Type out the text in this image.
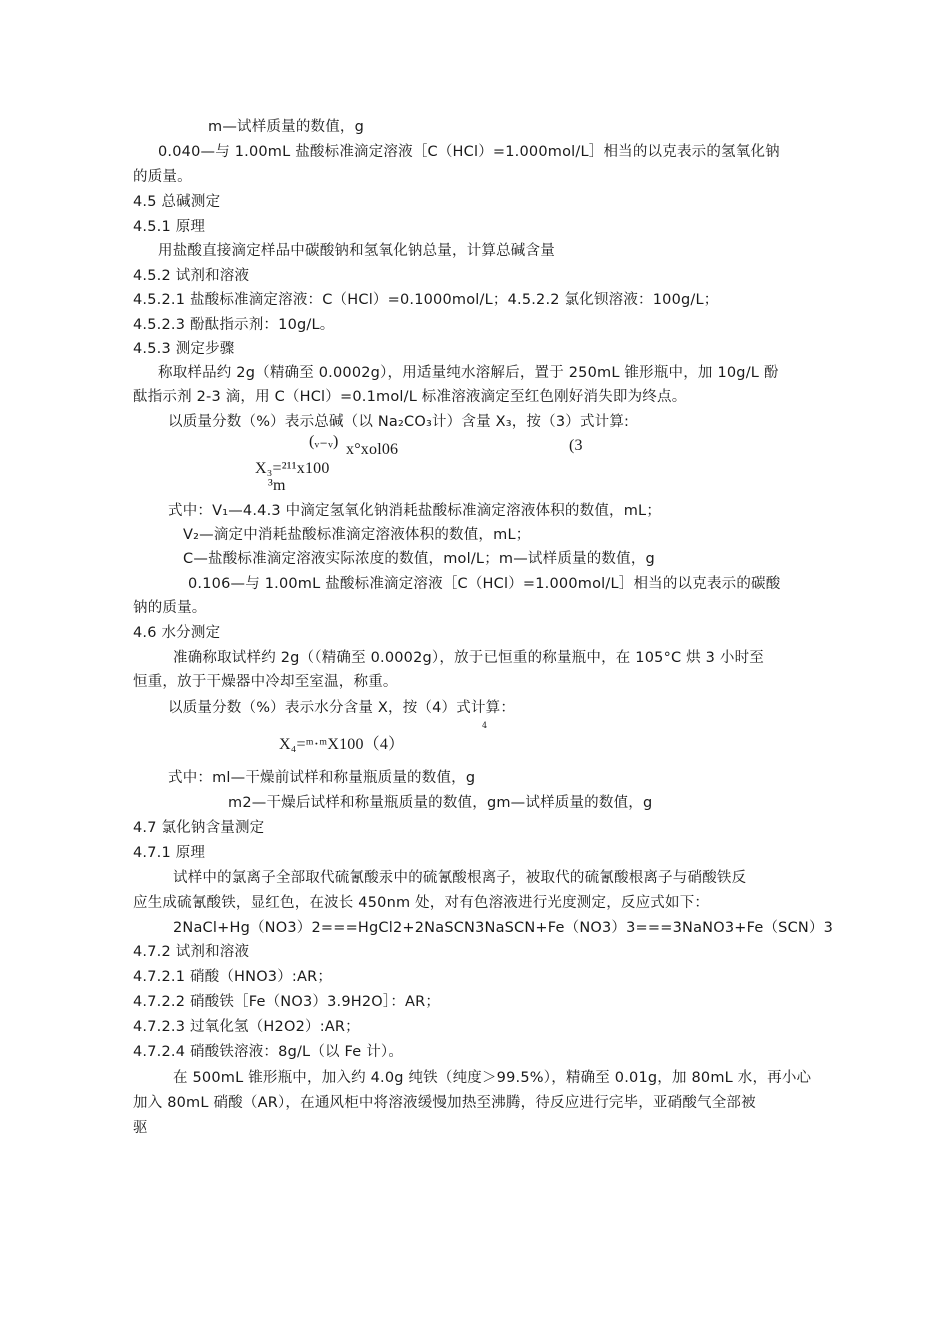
m—试样质量的数值，g
0.040—与 1.00mL 盐酸标准滴定溶液［C（HCl）=1.000mol/L］相当的以克表示的氢氧化钠
的质量。
4.5 总碱测定
4.5.1 原理
用盐酸直接滴定样品中碳酸钠和氢氧化钠总量，计算总碱含量
4.5.2 试剂和溶液
4.5.2.1 盐酸标准滴定溶液：C（HCl）=0.1000mol/L；4.5.2.2 氯化钡溶液：100g/L；
4.5.2.3 酚酞指示剂：10g/L。
4.5.3 测定步骤
称取样品约 2g（精确至 0.0002g），用适量纯水溶解后，置于 250mL 锥形瓶中，加 10g/L 酚
酞指示剂 2-3 滴，用 C（HCl）=0.1mol/L 标准溶液滴定至红色刚好消失即为终点。
以质量分数（%）表示总碱（以 Na₂CO₃计）含量 X₃，按（3）式计算:
式中：V₁—4.4.3 中滴定氢氧化钠消耗盐酸标准滴定溶液体积的数值，mL；
V₂—滴定中消耗盐酸标准滴定溶液体积的数值，mL；
C—盐酸标准滴定溶液实际浓度的数值，mol/L；m—试样质量的数值，g
0.106—与 1.00mL 盐酸标准滴定溶液［C（HCl）=1.000mol/L］相当的以克表示的碳酸
钠的质量。
4.6 水分测定
准确称取试样约 2g（（精确至 0.0002g），放于已恒重的称量瓶中，在 105°C 烘 3 小时至
恒重，放于干燥器中冷却至室温，称重。
以质量分数（%）表示水分含量 X，按（4）式计算：
式中：ml—干燥前试样和称量瓶质量的数值，g
m2—干燥后试样和称量瓶质量的数值，gm—试样质量的数值，g
4.7 氯化钠含量测定
4.7.1 原理
试样中的氯离子全部取代硫氰酸汞中的硫氰酸根离子，被取代的硫氰酸根离子与硝酸铁反
应生成硫氰酸铁，显红色，在波长 450nm 处，对有色溶液进行光度测定，反应式如下：
2NaCl+Hg（NO3）2===HgCl2+2NaSCN3NaSCN+Fe（NO3）3===3NaNO3+Fe（SCN）3
4.7.2 试剂和溶液
4.7.2.1 硝酸（HNO3）:AR；
4.7.2.2 硝酸铁［Fe（NO3）3.9H2O］：AR；
4.7.2.3 过氧化氢（H2O2）:AR；
4.7.2.4 硝酸铁溶液：8g/L（以 Fe 计）。
在 500mL 锥形瓶中，加入约 4.0g 纯铁（纯度＞99.5%），精确至 0.01g，加 80mL 水，再小心
加入 80mL 硝酸（AR），在通风柜中将溶液缓慢加热至沸腾，待反应进行完毕，亚硝酸气全部被
驱
(ᵥ₋ᵥ) x°xol06	(3
X₃=²¹¹x100
³m
X₄=ᵐ·ᵐX100（4）
4
